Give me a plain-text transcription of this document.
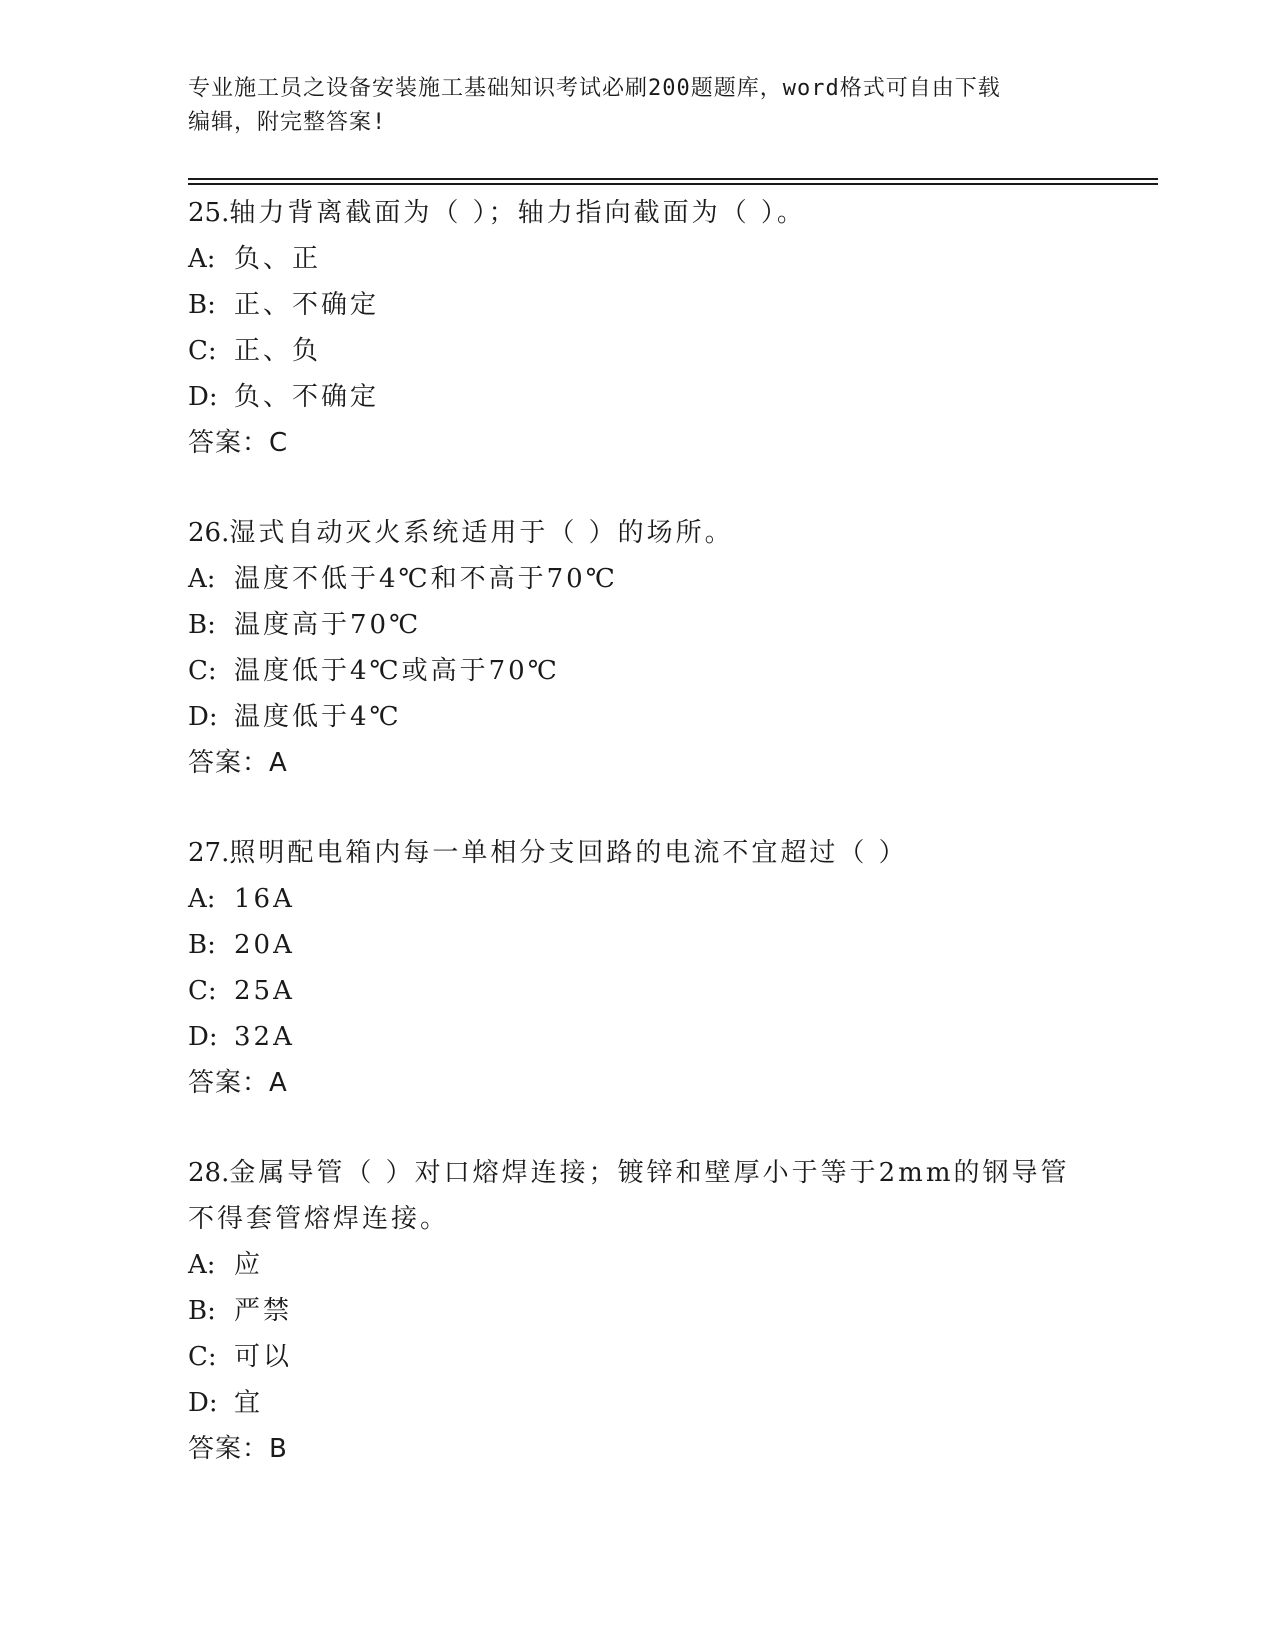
专业施工员之设备安装施工基础知识考试必刷200题题库，word格式可自由下载
编辑，附完整答案!
25.轴力背离截面为（ ）；轴力指向截面为（ ）。
A: 负、正
B: 正、不确定
C: 正、负
D: 负、不确定
答案：C
26.湿式自动灭火系统适用于（ ）的场所。
A: 温度不低于4℃和不高于70℃
B: 温度高于70℃
C: 温度低于4℃或高于70℃
D: 温度低于4℃
答案：A
27.照明配电箱内每一单相分支回路的电流不宜超过（ ）
A: 16A
B: 20A
C: 25A
D: 32A
答案：A
28.金属导管（ ）对口熔焊连接；镀锌和壁厚小于等于2mm的钢导管不得套管熔焊连接。
A: 应
B: 严禁
C: 可以
D: 宜
答案：B
